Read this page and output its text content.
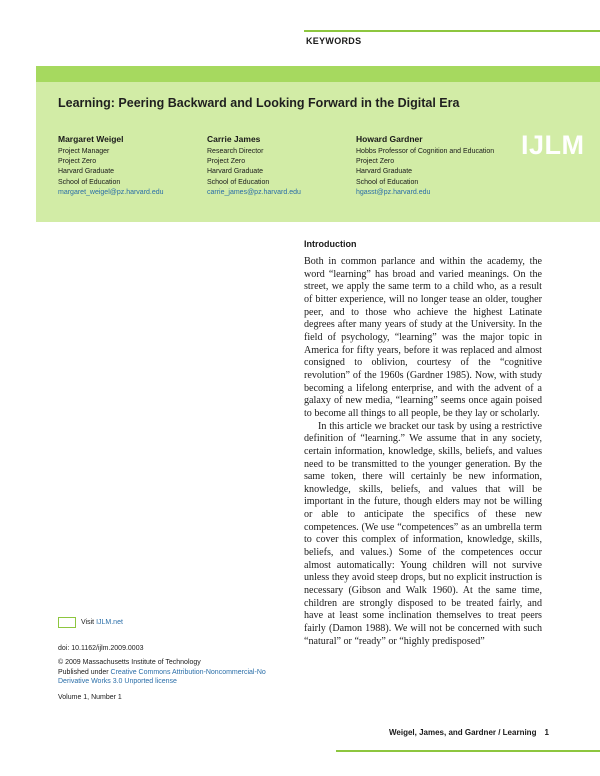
KEYWORDS
Learning: Peering Backward and Looking Forward in the Digital Era
IJLM
Margaret Weigel
Project Manager
Project Zero
Harvard Graduate
School of Education
margaret_weigel@pz.harvard.edu
Carrie James
Research Director
Project Zero
Harvard Graduate
School of Education
carrie_james@pz.harvard.edu
Howard Gardner
Hobbs Professor of Cognition and Education
Project Zero
Harvard Graduate
School of Education
hgasst@pz.harvard.edu
Introduction

Both in common parlance and within the academy, the word “learning” has broad and varied meanings. On the street, we apply the same term to a child who, as a result of bitter experience, will no longer tease an older, tougher peer, and to those who achieve the highest Latinate degrees after many years of study at the University. In the field of psychology, “learning” was the major topic in America for fifty years, before it was replaced and almost consigned to oblivion, courtesy of the “cognitive revolution” of the 1960s (Gardner 1985). Now, with study becoming a lifelong enterprise, and with the advent of a galaxy of new media, “learning” seems once again poised to become all things to all people, be they lay or scholarly.

In this article we bracket our task by using a restrictive definition of “learning.” We assume that in any society, certain information, knowledge, skills, beliefs, and values need to be transmitted to the younger generation. By the same token, there will certainly be new information, knowledge, skills, beliefs, and values that will be important in the future, though elders may not be willing or able to anticipate the specifics of these new competences. (We use “competences” as an umbrella term to cover this complex of information, knowledge, skills, beliefs, and values.) Some of the competences occur almost automatically: Young children will not survive unless they avoid steep drops, but no explicit instruction is necessary (Gibson and Walk 1960). At the same time, children are strongly disposed to be treated fairly, and have at least some inclination themselves to treat peers fairly (Damon 1988). We will not be concerned with such “natural” or “ready” or “highly predisposed”

Visit
IJLM.net
doi: 10.1162/ijlm.2009.0003
© 2009 Massachusetts Institute of Technology
Published under Creative Commons Attribution-Noncommercial-No Derivative Works 3.0 Unported license
Volume 1, Number 1
Weigel, James, and Gardner / Learning 1
